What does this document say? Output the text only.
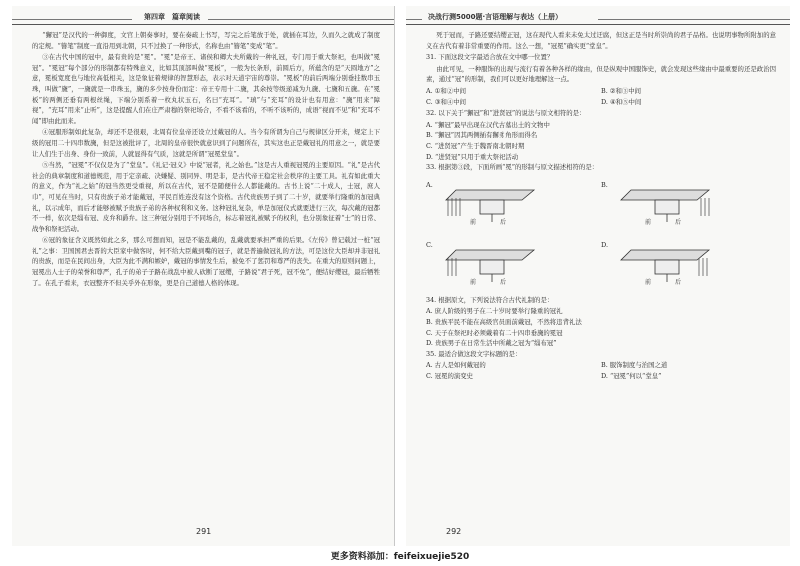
第四章　篇章阅读

“獬冠”是汉代的一种御度，文官上朝奏事时，要在奏疏上书写，写完之后笔放于处，就插在耳边，久而久之就成了制度的定规。“簪笔”制度一直沿用到北朝，只不过换了一种形式，名称也由“簪笔”变成“笔”。

③在古代中国的冠中，最有贵的是“冕”。“冕”是帝王、诸侯和卿大夫所戴的一种礼冠，专门用于重大祭祀，也叫做“冕冠”。“冕冠”每个部分的形制都有特殊意义，比如其顶部叫做“冕板”，一般为长条形，前圆后方，所蕴含的是“天圆地方”之意，冕板宽度也与地位高低相关，这是象征着规律的智慧形态，表示对天道宇宙的尊崇。“冕板”的前后两端分别垂挂数串玉珠，叫做“旒”，一旒就是一串珠玉，旒的多少按身份而定：帝王专用十二旒，其余按等级递减为九旒、七旒和五旒。在“冕板”的两侧还垂有两根丝绳，下端分别系着一枚丸状玉石，名曰“充耳”。“瑱”与“充耳”的设计也有用意：“旒”用来“障视”，“充耳”用来“止听”，这是提醒人们在庄严肃穆的祭祀场合，不看不该看的，不听不该听的，成语“视而不见”和“充耳不闻”即由此而来。

④冠服形制如此复杂，却还不是很艰，北周有位皇帝还设立过戴冠的人。当今有所谓为自己与规律区分开来，规定上下级的冠用二十四串数旒，但是这被批评了，北周的皇帝很快就意识到了问题所在，其实这也正是戴冠礼的用意之一，就是要让人们生于出身、身份一致前，人就显得有气质，这就是所谓“冠冕堂皇”。

⑤当然，“冠冕”不仅仅是为了“堂皇”。《礼记·冠义》中说“冠者，礼之始也。”这是古人重视冠冕的主要原因。“礼”是古代社会的典章制度和道德规范，用于定亲疏、决嫌疑、别同异、明是非，是古代帝王稳定社会秩序的主要工具。礼有如此重大的意义，作为“礼之始”的冠当然更受重视，所以在古代，冠不是随便什么人都能戴的。古书上说“二十成人，士冠，庶人巾”，可见在当时，只有贵族子弟才能戴冠，平民百姓连没有这个资格。古代贵族男子到了二十岁，就要举行隆重的加冠典礼，以示成年，而后才能够被赋予贵族子弟的各种权利和义务。这种冠礼复杂，单是加冠仪式就要进行三次，每次戴的冠都不一样，依次是缁布冠、皮弁和爵弁。这三种冠分别用于不同场合，标志着冠礼被赋予的权利，也分别象征着“士”的日常、战争和祭祀活动。

⑥冠的象征含义既然如此之多，那么可想而知，冠是不能乱戴的，乱戴就要承担严重的后果。《左传》曾记载过一桩“冠礼”之事：卫国国君去晋的大臣家中做客时，何不给大臣戴到嘴的冠子，就是普遍做冠礼的方法，可是这位大臣却并非冠礼的贵族，而是在民间出身，大臣为此不满和嫉妒，戴冠的事情发生后，被免不了惩罚和尊严的丧失。在重大的原则问题上，冠冕出人士子的荣誉和尊严，孔子的弟子子路在战乱中被人砍断了冠缨，子路说“君子死，冠不免”，便结好缨冠，最后牺牲了。在孔子看来，衣冠整齐不但关乎外在形象，更是自己道德人格的体现。

291
决战行测5000题·言语理解与表达（上册）

死于冠而，子路还要结缨正冠，这在现代人看来未免太过迂腐，但这正是当时所崇尚的君子品格。也说明事物所附加的意义在古代有着非常重要的作用。这么一想，“冠冕”确实更“堂皇”。

31. 下面这段文字最适合放在文中哪一位置？

由此可见，一种服饰的出现与流行有着各种各样的缘由，但是纵观中国服饰史，就会发现这些缘由中最重要的还是政治因素，通过“冠”的形制，我们可以更好地理解这一点。

A. ①和②中间	B. ②和③中间
C. ③和④中间	D. ④和⑤中间

32. 以下关于“獬冠”和“进贤冠”的说法与原文相符的是：

A. “獬冠”最早出现在汉代古墓出土的文物中
B. “獬冠”因其两侧插有獬豸角形而得名
C. “进贤冠”产生于魏晋南北朝时期
D. “进贤冠”只用于重大祭祀活动

33. 根据第③段，下面所画“冕”的形制与原文描述相符的是：

A.
前	后
B.
前	后
C.
前	后
D.
前	后

34. 根据原文，下列说法符合古代礼制的是：

A. 庶人阶级的男子在二十岁时要举行隆重的冠礼
B. 贵族平民不能在高级官员面前戴冠，不然将违背礼法
C. 天子在祭祀时必须戴着有二十四串垂旒的冕冠
D. 贵族男子在日常生活中所戴之冠为“缁布冠”

35. 最适合做这段文字标题的是：

A. 古人是如何戴冠的	B. 服饰制度与治国之道
C. 冠冕的演变史	D. “冠冕”何以“堂皇”
292
更多资料添加：feifeixuejie520
